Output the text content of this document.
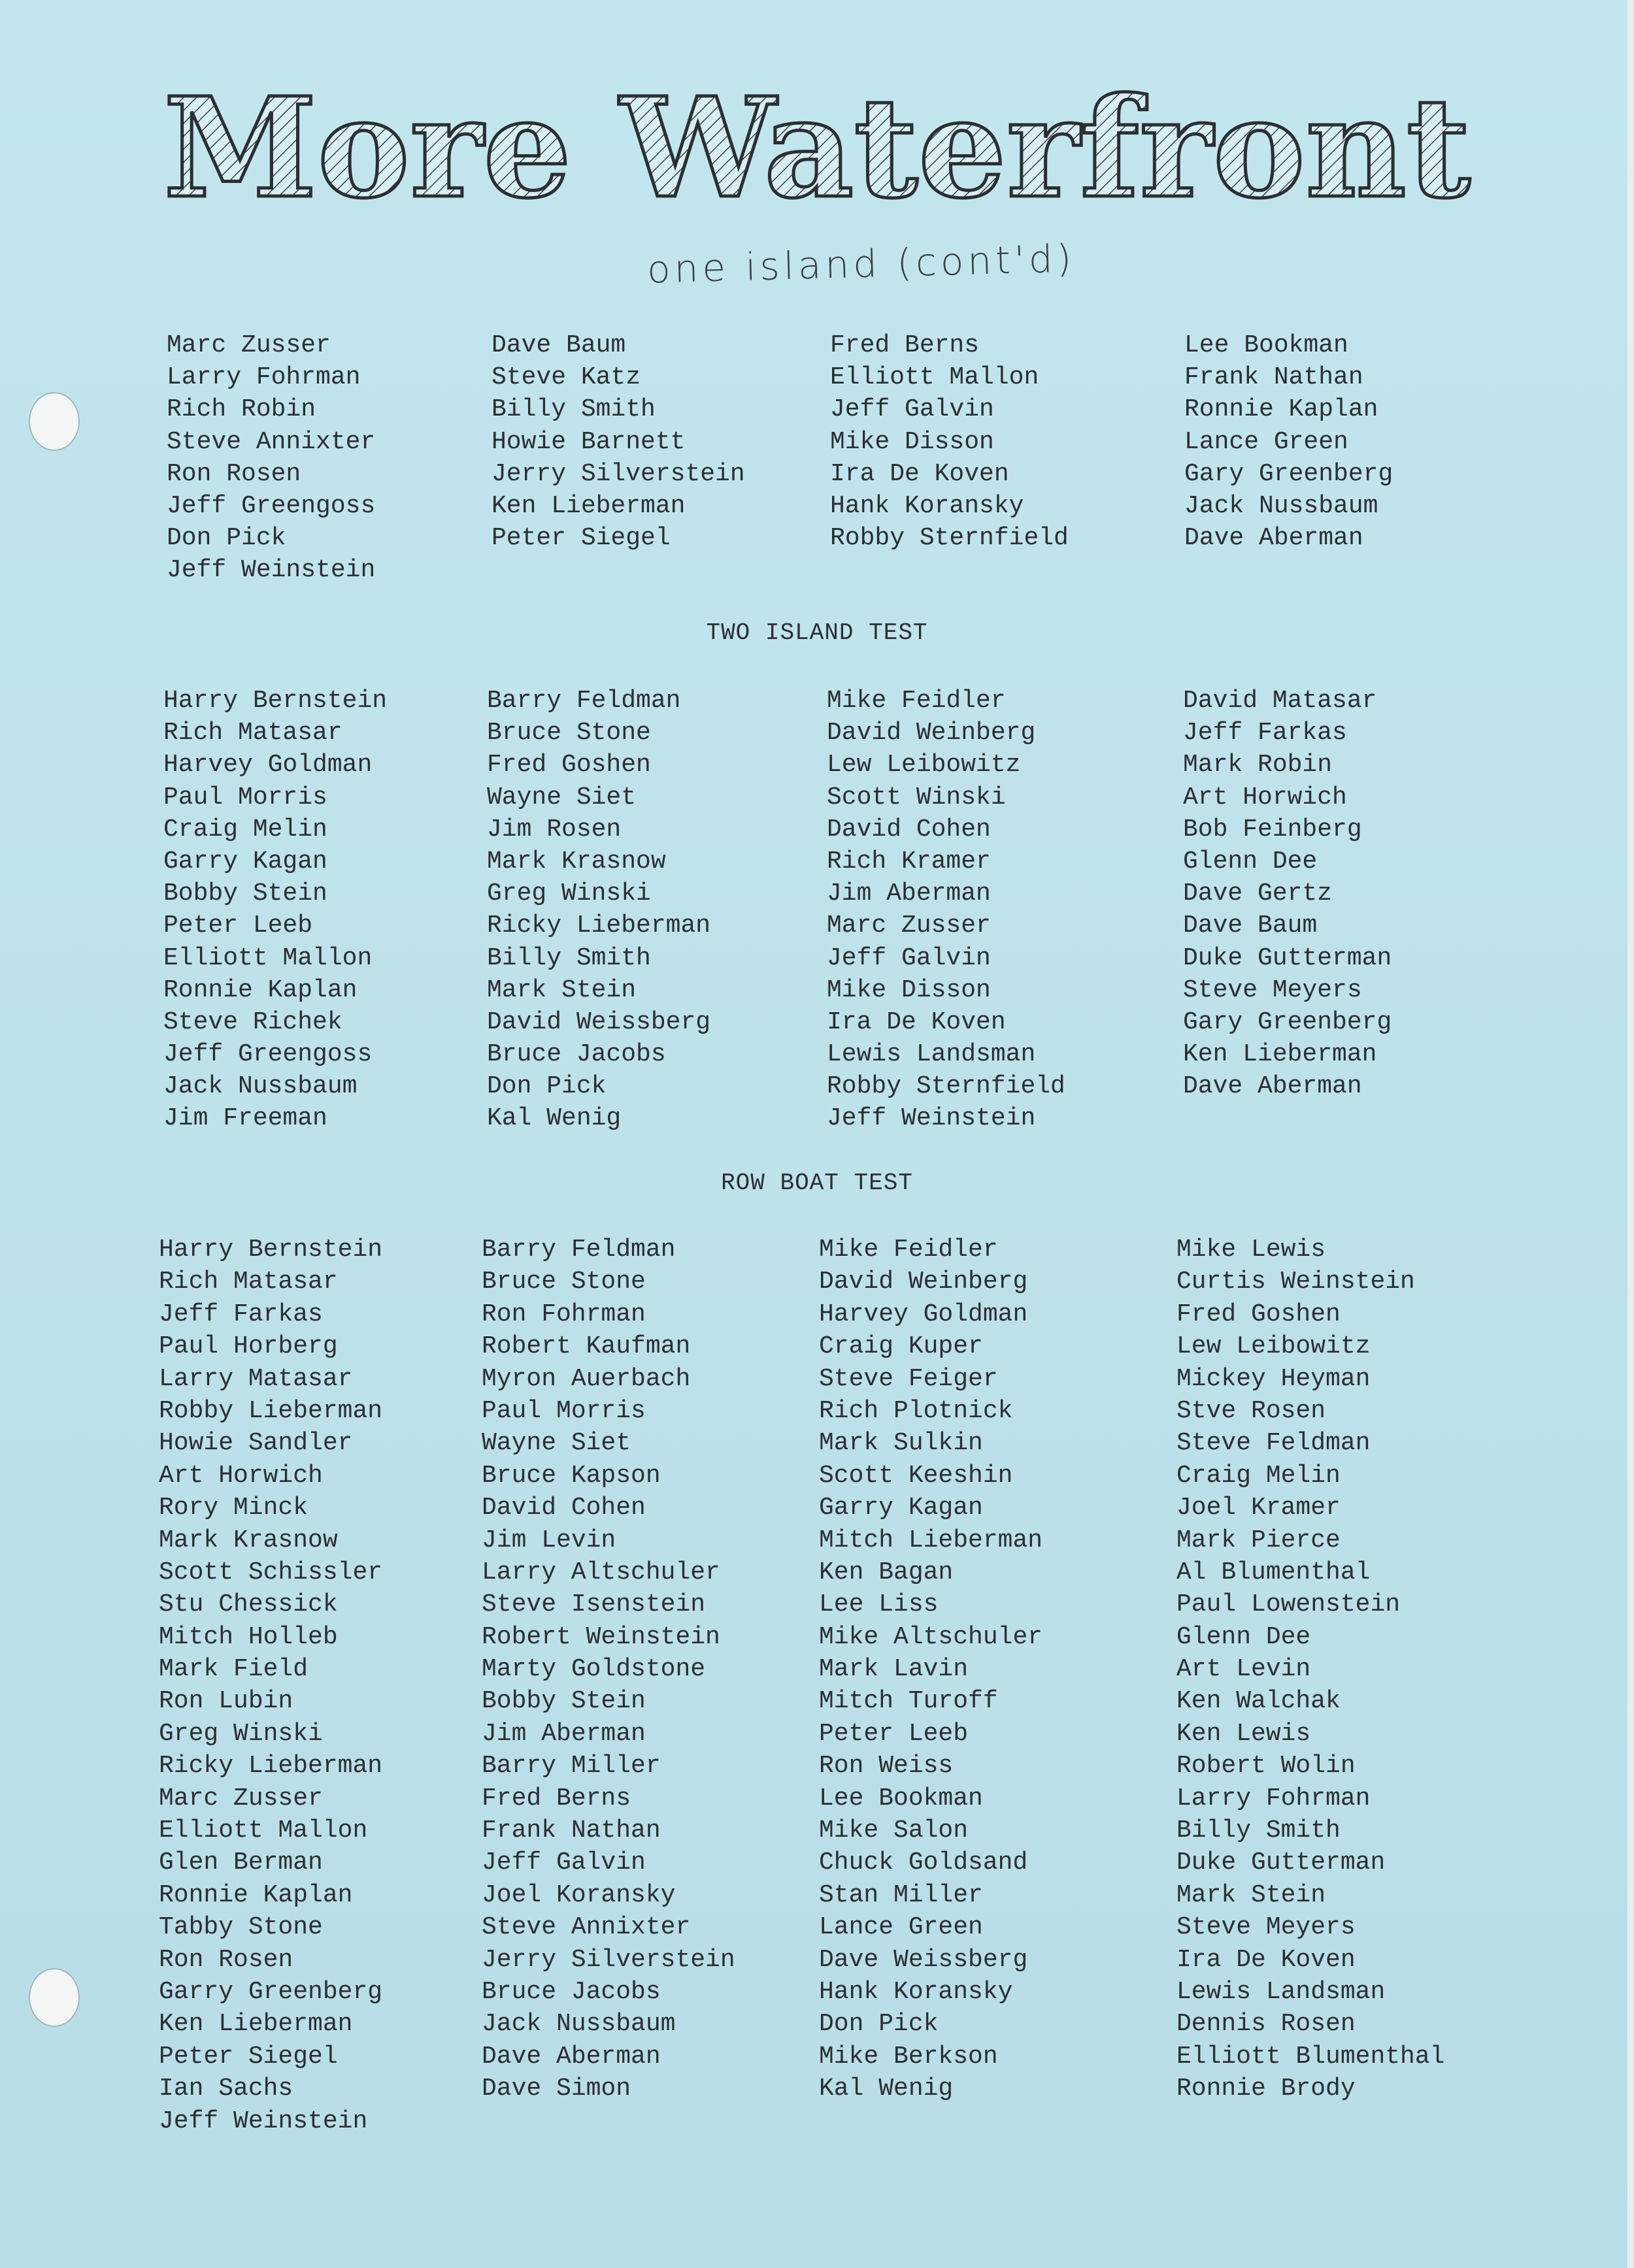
More Waterfront
one island (cont'd)
Marc Zusser
Larry Fohrman
Rich Robin
Steve Annixter
Ron Rosen
Jeff Greengoss
Don Pick
Jeff Weinstein
Dave Baum
Steve Katz
Billy Smith
Howie Barnett
Jerry Silverstein
Ken Lieberman
Peter Siegel
Fred Berns
Elliott Mallon
Jeff Galvin
Mike Disson
Ira De Koven
Hank Koransky
Robby Sternfield
Lee Bookman
Frank Nathan
Ronnie Kaplan
Lance Green
Gary Greenberg
Jack Nussbaum
Dave Aberman
TWO ISLAND TEST
Harry Bernstein
Rich Matasar
Harvey Goldman
Paul Morris
Craig Melin
Garry Kagan
Bobby Stein
Peter Leeb
Elliott Mallon
Ronnie Kaplan
Steve Richek
Jeff Greengoss
Jack Nussbaum
Jim Freeman
Barry Feldman
Bruce Stone
Fred Goshen
Wayne Siet
Jim Rosen
Mark Krasnow
Greg Winski
Ricky Lieberman
Billy Smith
Mark Stein
David Weissberg
Bruce Jacobs
Don Pick
Kal Wenig
Mike Feidler
David Weinberg
Lew Leibowitz
Scott Winski
David Cohen
Rich Kramer
Jim Aberman
Marc Zusser
Jeff Galvin
Mike Disson
Ira De Koven
Lewis Landsman
Robby Sternfield
Jeff Weinstein
David Matasar
Jeff Farkas
Mark Robin
Art Horwich
Bob Feinberg
Glenn Dee
Dave Gertz
Dave Baum
Duke Gutterman
Steve Meyers
Gary Greenberg
Ken Lieberman
Dave Aberman
ROW BOAT TEST
Harry Bernstein
Rich Matasar
Jeff Farkas
Paul Horberg
Larry Matasar
Robby Lieberman
Howie Sandler
Art Horwich
Rory Minck
Mark Krasnow
Scott Schissler
Stu Chessick
Mitch Holleb
Mark Field
Ron Lubin
Greg Winski
Ricky Lieberman
Marc Zusser
Elliott Mallon
Glen Berman
Ronnie Kaplan
Tabby Stone
Ron Rosen
Garry Greenberg
Ken Lieberman
Peter Siegel
Ian Sachs
Jeff Weinstein
Barry Feldman
Bruce Stone
Ron Fohrman
Robert Kaufman
Myron Auerbach
Paul Morris
Wayne Siet
Bruce Kapson
David Cohen
Jim Levin
Larry Altschuler
Steve Isenstein
Robert Weinstein
Marty Goldstone
Bobby Stein
Jim Aberman
Barry Miller
Fred Berns
Frank Nathan
Jeff Galvin
Joel Koransky
Steve Annixter
Jerry Silverstein
Bruce Jacobs
Jack Nussbaum
Dave Aberman
Dave Simon
Mike Feidler
David Weinberg
Harvey Goldman
Craig Kuper
Steve Feiger
Rich Plotnick
Mark Sulkin
Scott Keeshin
Garry Kagan
Mitch Lieberman
Ken Bagan
Lee Liss
Mike Altschuler
Mark Lavin
Mitch Turoff
Peter Leeb
Ron Weiss
Lee Bookman
Mike Salon
Chuck Goldsand
Stan Miller
Lance Green
Dave Weissberg
Hank Koransky
Don Pick
Mike Berkson
Kal Wenig
Mike Lewis
Curtis Weinstein
Fred Goshen
Lew Leibowitz
Mickey Heyman
Stve Rosen
Steve Feldman
Craig Melin
Joel Kramer
Mark Pierce
Al Blumenthal
Paul Lowenstein
Glenn Dee
Art Levin
Ken Walchak
Ken Lewis
Robert Wolin
Larry Fohrman
Billy Smith
Duke Gutterman
Mark Stein
Steve Meyers
Ira De Koven
Lewis Landsman
Dennis Rosen
Elliott Blumenthal
Ronnie Brody
